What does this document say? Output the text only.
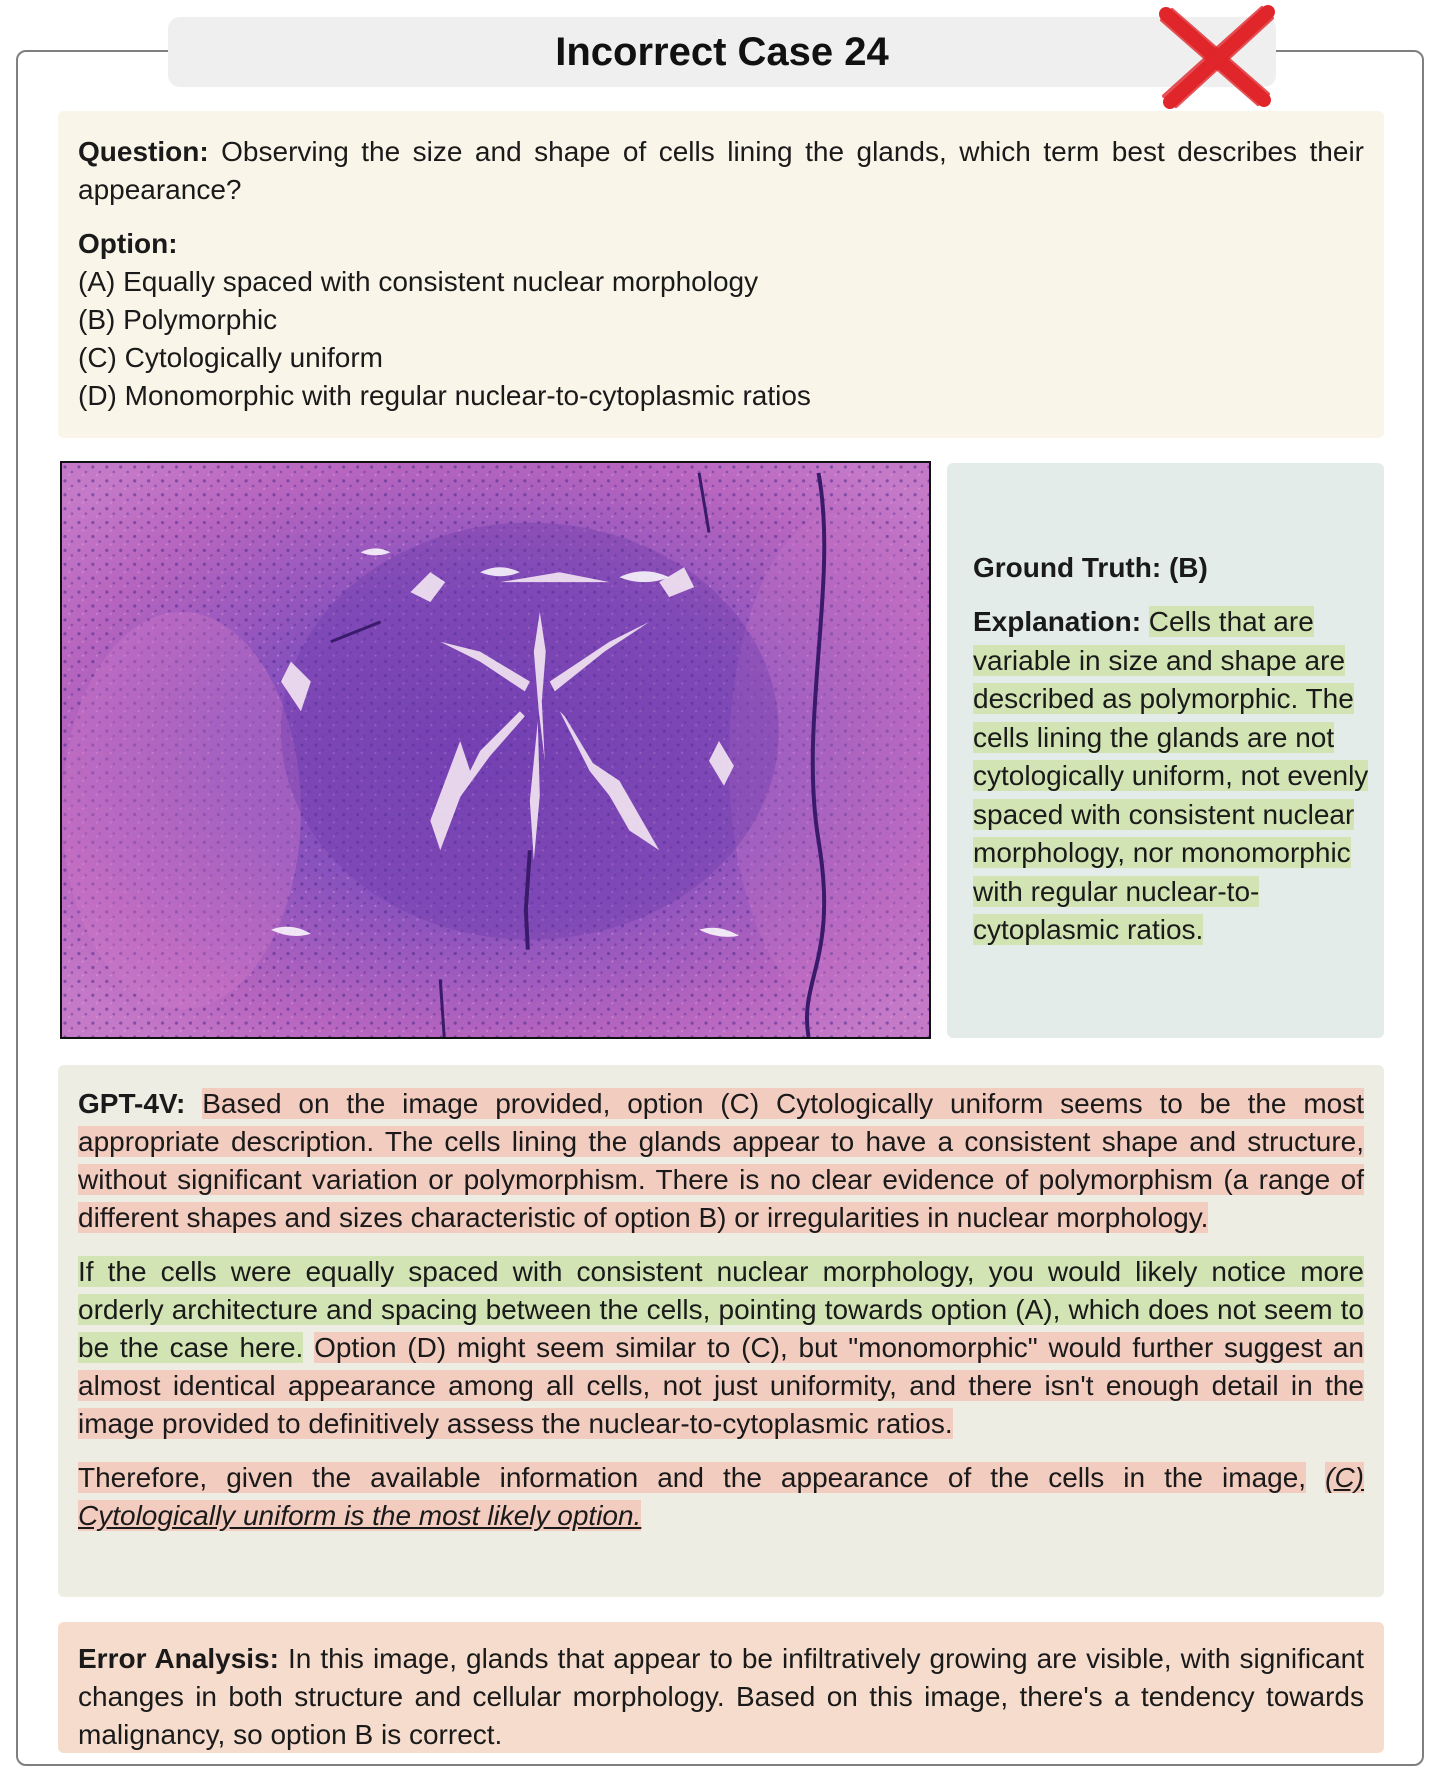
Incorrect Case 24
Question: Observing the size and shape of cells lining the glands, which term best describes their appearance?
Option:
(A) Equally spaced with consistent nuclear morphology
(B) Polymorphic
(C) Cytologically uniform
(D) Monomorphic with regular nuclear-to-cytoplasmic ratios
Ground Truth: (B)
Explanation: Cells that are variable in size and shape are described as polymorphic. The cells lining the glands are not cytologically uniform, not evenly spaced with consistent nuclear morphology, nor monomorphic with regular nuclear-to-cytoplasmic ratios.
GPT-4V: Based on the image provided, option (C) Cytologically uniform seems to be the most appropriate description. The cells lining the glands appear to have a consistent shape and structure, without significant variation or polymorphism. There is no clear evidence of polymorphism (a range of different shapes and sizes characteristic of option B) or irregularities in nuclear morphology.
If the cells were equally spaced with consistent nuclear morphology, you would likely notice more orderly architecture and spacing between the cells, pointing towards option (A), which does not seem to be the case here. Option (D) might seem similar to (C), but "monomorphic" would further suggest an almost identical appearance among all cells, not just uniformity, and there isn't enough detail in the image provided to definitively assess the nuclear-to-cytoplasmic ratios.
Therefore, given the available information and the appearance of the cells in the image, (C) Cytologically uniform is the most likely option.
Error Analysis: In this image, glands that appear to be infiltratively growing are visible, with significant changes in both structure and cellular morphology. Based on this image, there's a tendency towards malignancy, so option B is correct.
